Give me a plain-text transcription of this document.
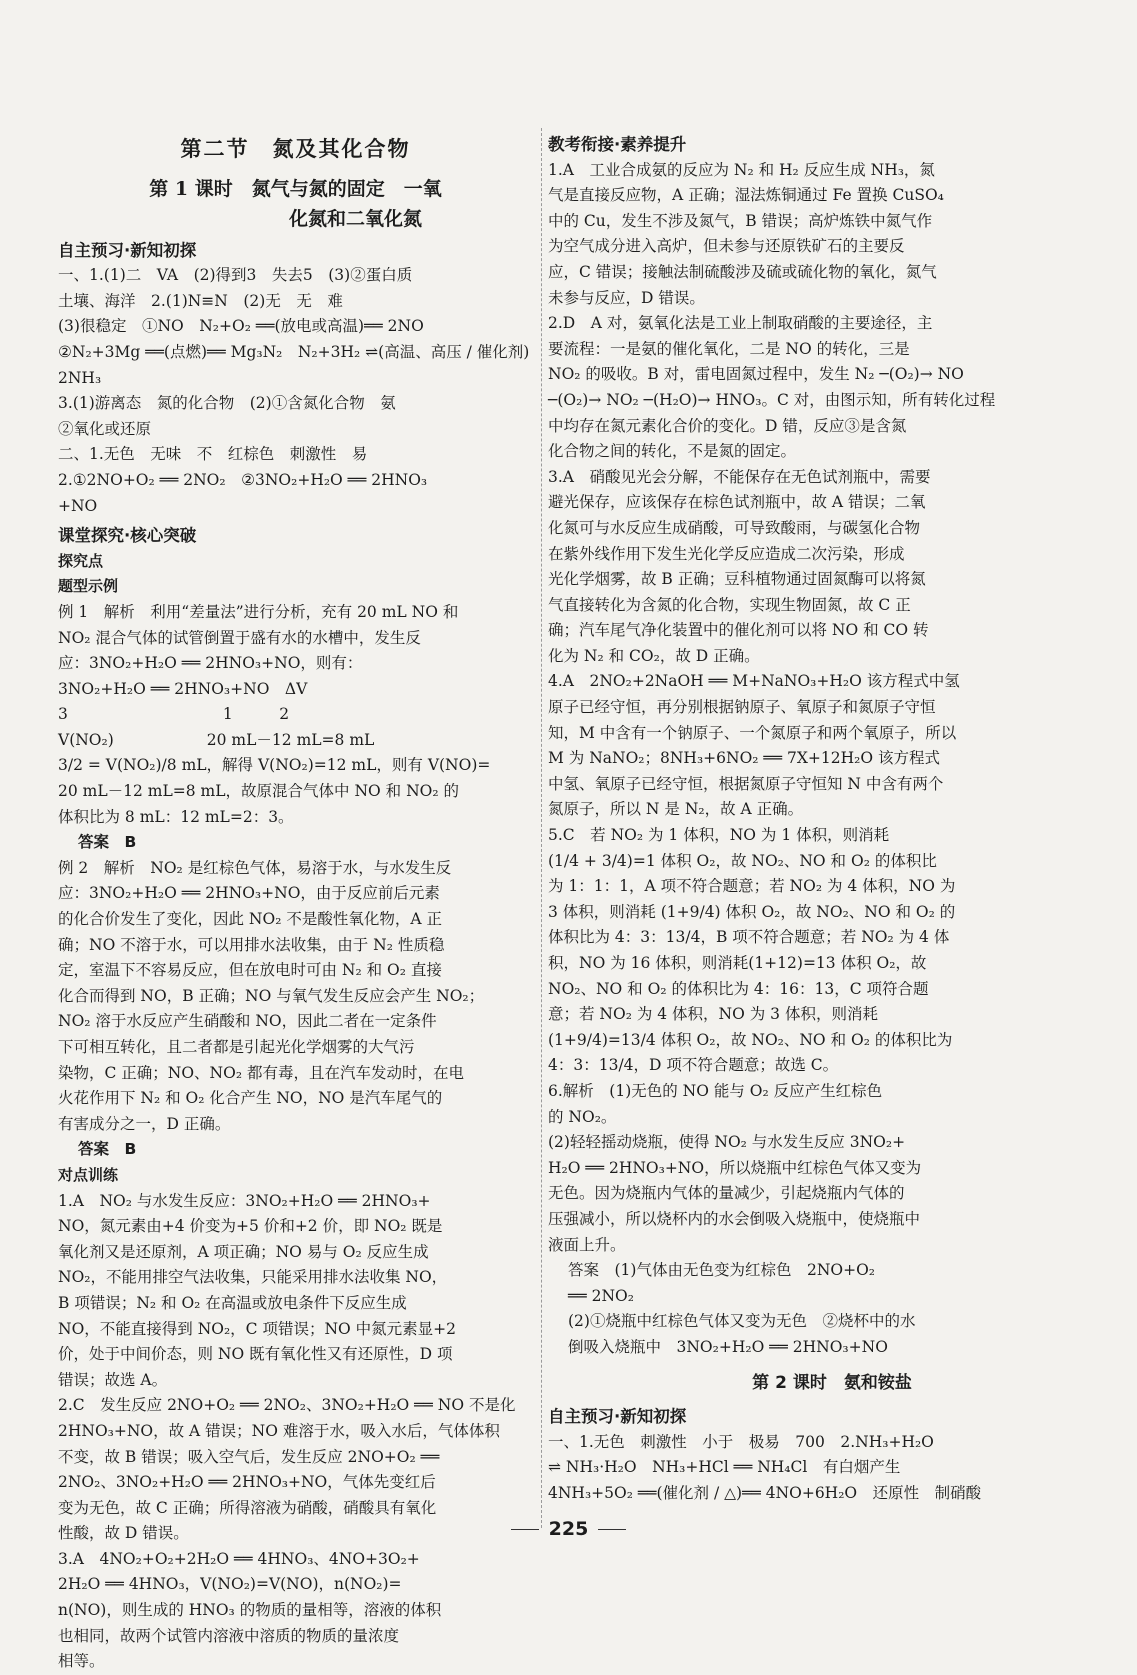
第二节　氮及其化合物

第 1 课时　氮气与氮的固定　一氧
化氮和二氧化氮

自主预习·新知初探

一、1.(1)二　VA　(2)得到3　失去5　(3)②蛋白质

土壤、海洋　2.(1)N≡N　(2)无　无　难

(3)很稳定　①NO　N₂+O₂ ══(放电或高温)══ 2NO

②N₂+3Mg ══(点燃)══ Mg₃N₂　N₂+3H₂ ⇌(高温、高压 / 催化剂) 2NH₃

3.(1)游离态　氮的化合物　(2)①含氮化合物　氨

②氧化或还原

二、1.无色　无味　不　红棕色　刺激性　易

2.①2NO+O₂ ══ 2NO₂　②3NO₂+H₂O ══ 2HNO₃

+NO

课堂探究·核心突破

探究点

题型示例

例 1　解析　利用“差量法”进行分析，充有 20 mL NO 和

NO₂ 混合气体的试管倒置于盛有水的水槽中，发生反

应：3NO₂+H₂O ══ 2HNO₃+NO，则有：

3NO₂+H₂O ══ 2HNO₃+NO　ΔV

3　　　　　　　　　　1　　　2

V(NO₂)　　　　　　20 mL－12 mL=8 mL

3/2 = V(NO₂)/8 mL，解得 V(NO₂)=12 mL，则有 V(NO)=

20 mL－12 mL=8 mL，故原混合气体中 NO 和 NO₂ 的

体积比为 8 mL：12 mL=2：3。

答案　B

例 2　解析　NO₂ 是红棕色气体，易溶于水，与水发生反

应：3NO₂+H₂O ══ 2HNO₃+NO，由于反应前后元素

的化合价发生了变化，因此 NO₂ 不是酸性氧化物，A 正

确；NO 不溶于水，可以用排水法收集，由于 N₂ 性质稳

定，室温下不容易反应，但在放电时可由 N₂ 和 O₂ 直接

化合而得到 NO，B 正确；NO 与氧气发生反应会产生 NO₂；

NO₂ 溶于水反应产生硝酸和 NO，因此二者在一定条件

下可相互转化，且二者都是引起光化学烟雾的大气污

染物，C 正确；NO、NO₂ 都有毒，且在汽车发动时，在电

火花作用下 N₂ 和 O₂ 化合产生 NO，NO 是汽车尾气的

有害成分之一，D 正确。

答案　B

对点训练

1.A　NO₂ 与水发生反应：3NO₂+H₂O ══ 2HNO₃+

NO，氮元素由+4 价变为+5 价和+2 价，即 NO₂ 既是

氧化剂又是还原剂，A 项正确；NO 易与 O₂ 反应生成

NO₂，不能用排空气法收集，只能采用排水法收集 NO，

B 项错误；N₂ 和 O₂ 在高温或放电条件下反应生成

NO，不能直接得到 NO₂，C 项错误；NO 中氮元素显+2

价，处于中间价态，则 NO 既有氧化性又有还原性，D 项

错误；故选 A。

2.C　发生反应 2NO+O₂ ══ 2NO₂、3NO₂+H₂O ══ NO 不是化

2HNO₃+NO，故 A 错误；NO 难溶于水，吸入水后，气体体积

不变，故 B 错误；吸入空气后，发生反应 2NO+O₂ ══

2NO₂、3NO₂+H₂O ══ 2HNO₃+NO，气体先变红后

变为无色，故 C 正确；所得溶液为硝酸，硝酸具有氧化

性酸，故 D 错误。

3.A　4NO₂+O₂+2H₂O ══ 4HNO₃、4NO+3O₂+

2H₂O ══ 4HNO₃，V(NO₂)=V(NO)，n(NO₂)=

n(NO)，则生成的 HNO₃ 的物质的量相等，溶液的体积

也相同，故两个试管内溶液中溶质的物质的量浓度

相等。

教考衔接·素养提升

1.A　工业合成氨的反应为 N₂ 和 H₂ 反应生成 NH₃，氮

气是直接反应物，A 正确；湿法炼铜通过 Fe 置换 CuSO₄

中的 Cu，发生不涉及氮气，B 错误；高炉炼铁中氮气作

为空气成分进入高炉，但未参与还原铁矿石的主要反

应，C 错误；接触法制硫酸涉及硫或硫化物的氧化，氮气

未参与反应，D 错误。

2.D　A 对，氨氧化法是工业上制取硝酸的主要途径，主

要流程：一是氨的催化氧化，二是 NO 的转化，三是

NO₂ 的吸收。B 对，雷电固氮过程中，发生 N₂ ─(O₂)→ NO

─(O₂)→ NO₂ ─(H₂O)→ HNO₃。C 对，由图示知，所有转化过程

中均存在氮元素化合价的变化。D 错，反应③是含氮

化合物之间的转化，不是氮的固定。

3.A　硝酸见光会分解，不能保存在无色试剂瓶中，需要

避光保存，应该保存在棕色试剂瓶中，故 A 错误；二氧

化氮可与水反应生成硝酸，可导致酸雨，与碳氢化合物

在紫外线作用下发生光化学反应造成二次污染，形成

光化学烟雾，故 B 正确；豆科植物通过固氮酶可以将氮

气直接转化为含氮的化合物，实现生物固氮，故 C 正

确；汽车尾气净化装置中的催化剂可以将 NO 和 CO 转

化为 N₂ 和 CO₂，故 D 正确。

4.A　2NO₂+2NaOH ══ M+NaNO₃+H₂O 该方程式中氢

原子已经守恒，再分别根据钠原子、氧原子和氮原子守恒

知，M 中含有一个钠原子、一个氮原子和两个氧原子，所以

M 为 NaNO₂；8NH₃+6NO₂ ══ 7X+12H₂O 该方程式

中氢、氧原子已经守恒，根据氮原子守恒知 N 中含有两个

氮原子，所以 N 是 N₂，故 A 正确。

5.C　若 NO₂ 为 1 体积，NO 为 1 体积，则消耗

(1/4 + 3/4)=1 体积 O₂，故 NO₂、NO 和 O₂ 的体积比

为 1：1：1，A 项不符合题意；若 NO₂ 为 4 体积，NO 为

3 体积，则消耗 (1+9/4) 体积 O₂，故 NO₂、NO 和 O₂ 的

体积比为 4：3：13/4，B 项不符合题意；若 NO₂ 为 4 体

积，NO 为 16 体积，则消耗(1+12)=13 体积 O₂，故

NO₂、NO 和 O₂ 的体积比为 4：16：13，C 项符合题

意；若 NO₂ 为 4 体积，NO 为 3 体积，则消耗

(1+9/4)=13/4 体积 O₂，故 NO₂、NO 和 O₂ 的体积比为

4：3：13/4，D 项不符合题意；故选 C。

6.解析　(1)无色的 NO 能与 O₂ 反应产生红棕色

的 NO₂。

(2)轻轻摇动烧瓶，使得 NO₂ 与水发生反应 3NO₂+

H₂O ══ 2HNO₃+NO，所以烧瓶中红棕色气体又变为

无色。因为烧瓶内气体的量减少，引起烧瓶内气体的

压强减小，所以烧杯内的水会倒吸入烧瓶中，使烧瓶中

液面上升。

答案　(1)气体由无色变为红棕色　2NO+O₂

══ 2NO₂

(2)①烧瓶中红棕色气体又变为无色　②烧杯中的水

倒吸入烧瓶中　3NO₂+H₂O ══ 2HNO₃+NO

第 2 课时　氨和铵盐

自主预习·新知初探

一、1.无色　刺激性　小于　极易　700　2.NH₃+H₂O

⇌ NH₃·H₂O　NH₃+HCl ══ NH₄Cl　有白烟产生

4NH₃+5O₂ ══(催化剂 / △)══ 4NO+6H₂O　还原性　制硝酸

225
